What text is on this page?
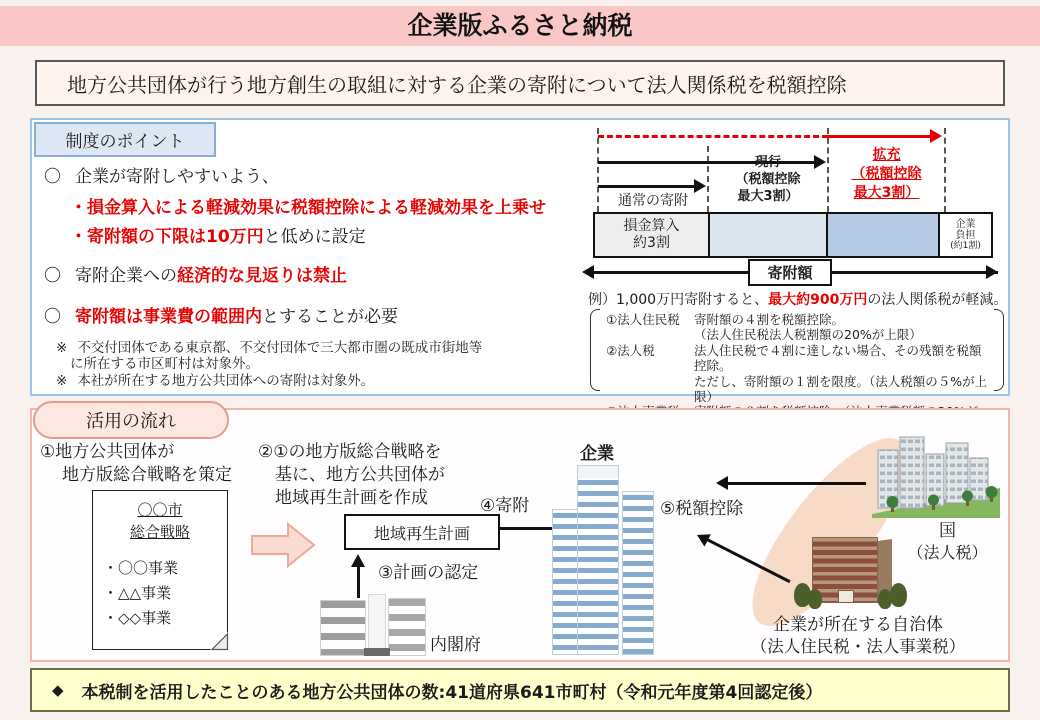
企業版ふるさと納税
地方公共団体が行う地方創生の取組に対する企業の寄附について法人関係税を税額控除
制度のポイント
〇 企業が寄附しやすいよう、
・損金算入による軽減効果に税額控除による軽減効果を上乗せ
・寄附額の下限は10万円と低めに設定
〇 寄附企業への経済的な見返りは禁止
〇 寄附額は事業費の範囲内とすることが必要
※ 不交付団体である東京都、不交付団体で三大都市圏の既成市街地等
に所在する市区町村は対象外。
※ 本社が所在する地方公共団体への寄附は対象外。
通常の寄附
現行
（税額控除
最大3割）
拡充
（税額控除
最大3割）
損金算入
約3割
企業
負担
(約1割)
寄附額
例）1,000万円寄附すると、最大約900万円の法人関係税が軽減。
①法人住民税	寄附額の４割を税額控除。
（法人住民税法人税割額の20%が上限）
②法人税	法人住民税で４割に達しない場合、その残額を税額控除。
ただし、寄附額の１割を限度。（法人税額の５%が上限）
活用の流れ
①地方公共団体が
地方版総合戦略を策定
〇〇市
総合戦略
・〇〇事業
・△△事業
・◇◇事業
②①の地方版総合戦略を
基に、地方公共団体が
地域再生計画を作成
地域再生計画
④寄附
③計画の認定
内閣府
企業
⑤税額控除
国
（法人税）
企業が所在する自治体
（法人住民税・法人事業税）
◆ 本税制を活用したことのある地方公共団体の数:41道府県641市町村（令和元年度第4回認定後）
